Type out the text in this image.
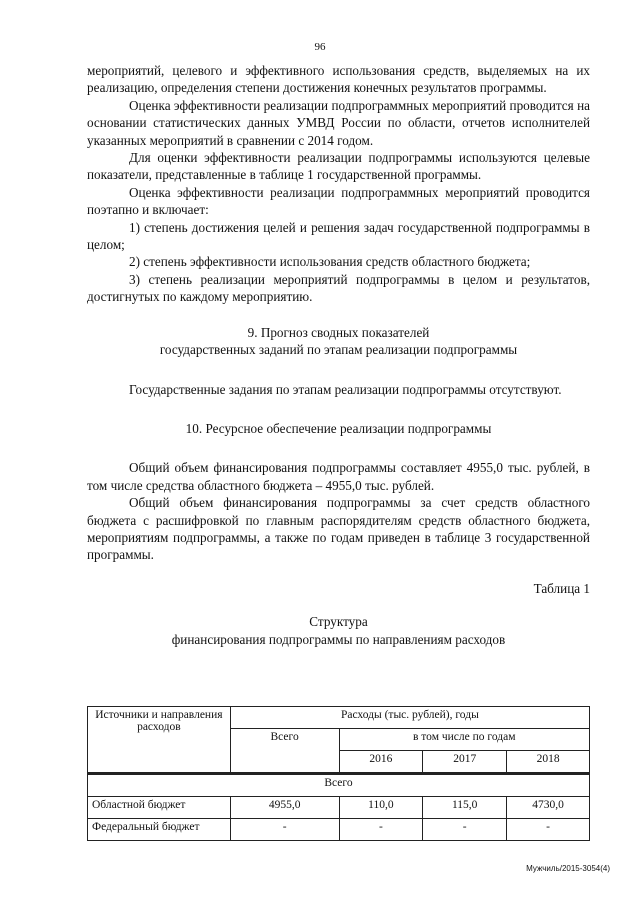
96

мероприятий, целевого и эффективного использования средств, выделяемых на их реализацию, определения степени достижения конечных результатов программы.

Оценка эффективности реализации подпрограммных мероприятий проводится на основании статистических данных УМВД России по области, отчетов исполнителей указанных мероприятий в сравнении с 2014 годом.

Для оценки эффективности реализации подпрограммы используются целевые показатели, представленные в таблице 1 государственной программы.

Оценка эффективности реализации подпрограммных мероприятий проводится поэтапно и включает:

1) степень достижения целей и решения задач государственной подпрограммы в целом;

2) степень эффективности использования средств областного бюджета;

3) степень реализации мероприятий подпрограммы в целом и результатов, достигнутых по каждому мероприятию.

9. Прогноз сводных показателей

государственных заданий по этапам реализации подпрограммы

Государственные задания по этапам реализации подпрограммы отсутствуют.

10. Ресурсное обеспечение реализации подпрограммы

Общий объем финансирования подпрограммы составляет 4955,0 тыс. рублей, в том числе средства областного бюджета – 4955,0 тыс. рублей.

Общий объем финансирования подпрограммы за счет средств областного бюджета с расшифровкой по главным распорядителям средств областного бюджета, мероприятиям подпрограммы, а также по годам приведен в таблице 3 государственной программы.

Таблица 1

Структура

финансирования подпрограммы по направлениям расходов

Источники и направления расходов	Расходы (тыс. рублей), годы			
	Всего	в том числе по годам		
		2016	2017	2018
Всего				
Областной бюджет	4955,0	110,0	115,0	4730,0
Федеральный бюджет	-	-	-	-
Мужчиль/2015-3054(4)
